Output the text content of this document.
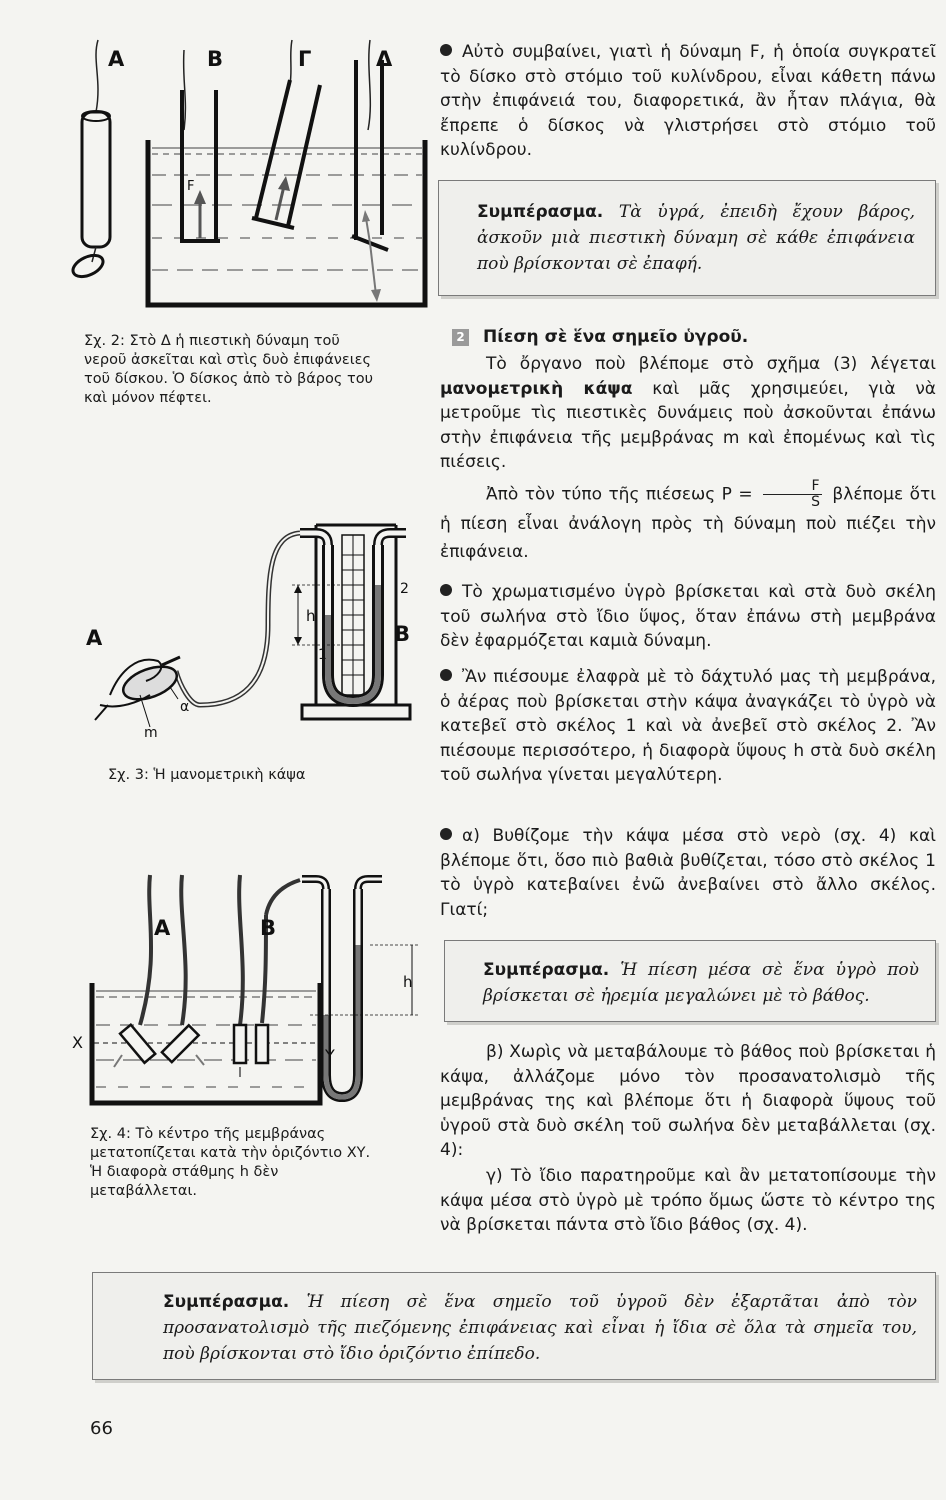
Α	Β	Γ	Δ
F
Σχ. 2: Στὸ Δ ἡ πιεστικὴ δύναμη τοῦ νεροῦ ἀσκεῖται καὶ στὶς δυὸ ἐπιφάνειες τοῦ δίσκου. Ὁ δίσκος ἀπὸ τὸ βάρος του καὶ μόνον πέφτει.
Α	Β
m
α
h
1
2
Σχ. 3: Ἡ μανομετρικὴ κάψα
Α	Β
Χ
Υ
h
Σχ. 4: Τὸ κέντρο τῆς μεμβράνας μετατοπίζεται κατὰ τὴν ὁριζόντιο ΧΥ. Ἡ διαφορὰ στάθμης h δὲν μεταβάλλεται.
Αὐτὸ συμβαίνει, γιατὶ ἡ δύναμη F, ἡ ὁποία συγκρατεῖ τὸ δίσκο στὸ στόμιο τοῦ κυλίνδρου, εἶναι κάθετη πάνω στὴν ἐπιφάνειά του, διαφορετικά, ἂν ἦταν πλάγια, θὰ ἔπρεπε ὁ δίσκος νὰ γλιστρήσει στὸ στόμιο τοῦ κυλίνδρου.
Συμπέρασμα. Τὰ ὑγρά, ἐπειδὴ ἔχουν βάρος, ἀσκοῦν μιὰ πιεστικὴ δύναμη σὲ κάθε ἐπιφάνεια ποὺ βρίσκονται σὲ ἐπαφή.
2 Πίεση σὲ ἕνα σημεῖο ὑγροῦ.
Τὸ ὄργανο ποὺ βλέπομε στὸ σχῆμα (3) λέγεται μανομετρικὴ κάψα καὶ μᾶς χρησιμεύει, γιὰ νὰ μετροῦμε τὶς πιεστικὲς δυνάμεις ποὺ ἀσκοῦνται ἐπάνω στὴν ἐπιφάνεια τῆς μεμβράνας m καὶ ἐπομένως καὶ τὶς πιέσεις.
Ἀπὸ τὸν τύπο τῆς πιέσεως $P = \frac{F}{S}$ βλέπομε ὅτι ἡ πίεση εἶναι ἀνάλογη πρὸς τὴ δύναμη ποὺ πιέζει τὴν ἐπιφάνεια.
Τὸ χρωματισμένο ὑγρὸ βρίσκεται καὶ στὰ δυὸ σκέλη τοῦ σωλήνα στὸ ἴδιο ὕψος, ὅταν ἐπάνω στὴ μεμβράνα δὲν ἐφαρμόζεται καμιὰ δύναμη.
Ἂν πιέσουμε ἐλαφρὰ μὲ τὸ δάχτυλό μας τὴ μεμβράνα, ὁ ἀέρας ποὺ βρίσκεται στὴν κάψα ἀναγκάζει τὸ ὑγρὸ νὰ κατεβεῖ στὸ σκέλος 1 καὶ νὰ ἀνεβεῖ στὸ σκέλος 2. Ἂν πιέσουμε περισσότερο, ἡ διαφορὰ ὕψους h στὰ δυὸ σκέλη τοῦ σωλήνα γίνεται μεγαλύτερη.
α) Βυθίζομε τὴν κάψα μέσα στὸ νερὸ (σχ. 4) καὶ βλέπομε ὅτι, ὅσο πιὸ βαθιὰ βυθίζεται, τόσο στὸ σκέλος 1 τὸ ὑγρὸ κατεβαίνει ἐνῶ ἀνεβαίνει στὸ ἄλλο σκέλος. Γιατί;
Συμπέρασμα. Ἡ πίεση μέσα σὲ ἕνα ὑγρὸ ποὺ βρίσκεται σὲ ἠρεμία μεγαλώνει μὲ τὸ βάθος.
β) Χωρὶς νὰ μεταβάλουμε τὸ βάθος ποὺ βρίσκεται ἡ κάψα, ἀλλάζομε μόνο τὸν προσανατολισμὸ τῆς μεμβράνας της καὶ βλέπομε ὅτι ἡ διαφορὰ ὕψους τοῦ ὑγροῦ στὰ δυὸ σκέλη τοῦ σωλήνα δὲν μεταβάλλεται (σχ. 4):
γ) Τὸ ἴδιο παρατηροῦμε καὶ ἂν μετατοπίσουμε τὴν κάψα μέσα στὸ ὑγρὸ μὲ τρόπο ὅμως ὥστε τὸ κέντρο της νὰ βρίσκεται πάντα στὸ ἴδιο βάθος (σχ. 4).
Συμπέρασμα. Ἡ πίεση σὲ ἕνα σημεῖο τοῦ ὑγροῦ δὲν ἐξαρτᾶται ἀπὸ τὸν προσανατολισμὸ τῆς πιεζόμενης ἐπιφάνειας καὶ εἶναι ἡ ἴδια σὲ ὅλα τὰ σημεῖα του, ποὺ βρίσκονται στὸ ἴδιο ὁριζόντιο ἐπίπεδο.
66
